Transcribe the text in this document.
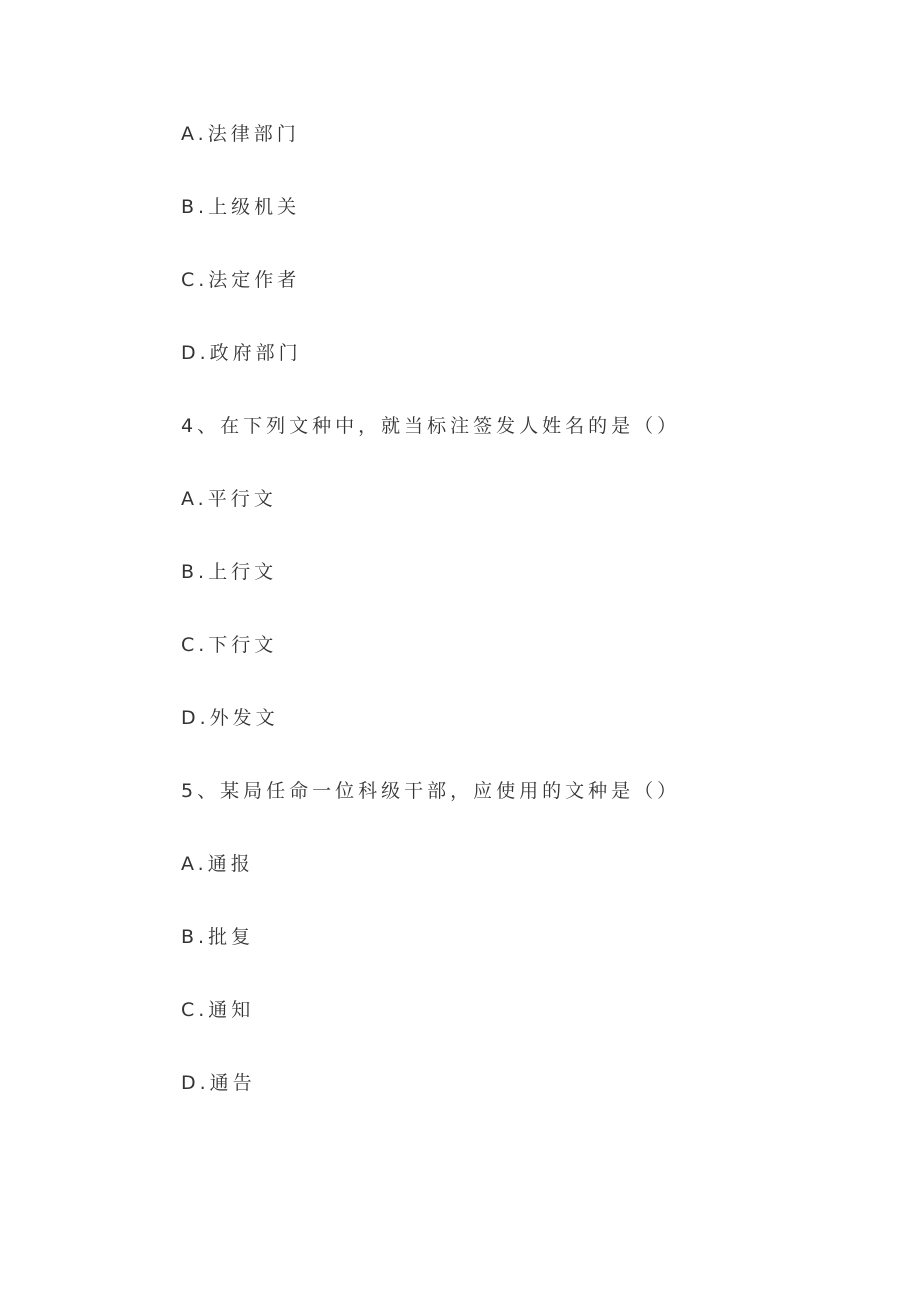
A.法律部门
B.上级机关
C.法定作者
D.政府部门
4、在下列文种中，就当标注签发人姓名的是（）
A.平行文
B.上行文
C.下行文
D.外发文
5、某局任命一位科级干部，应使用的文种是（）
A.通报
B.批复
C.通知
D.通告
